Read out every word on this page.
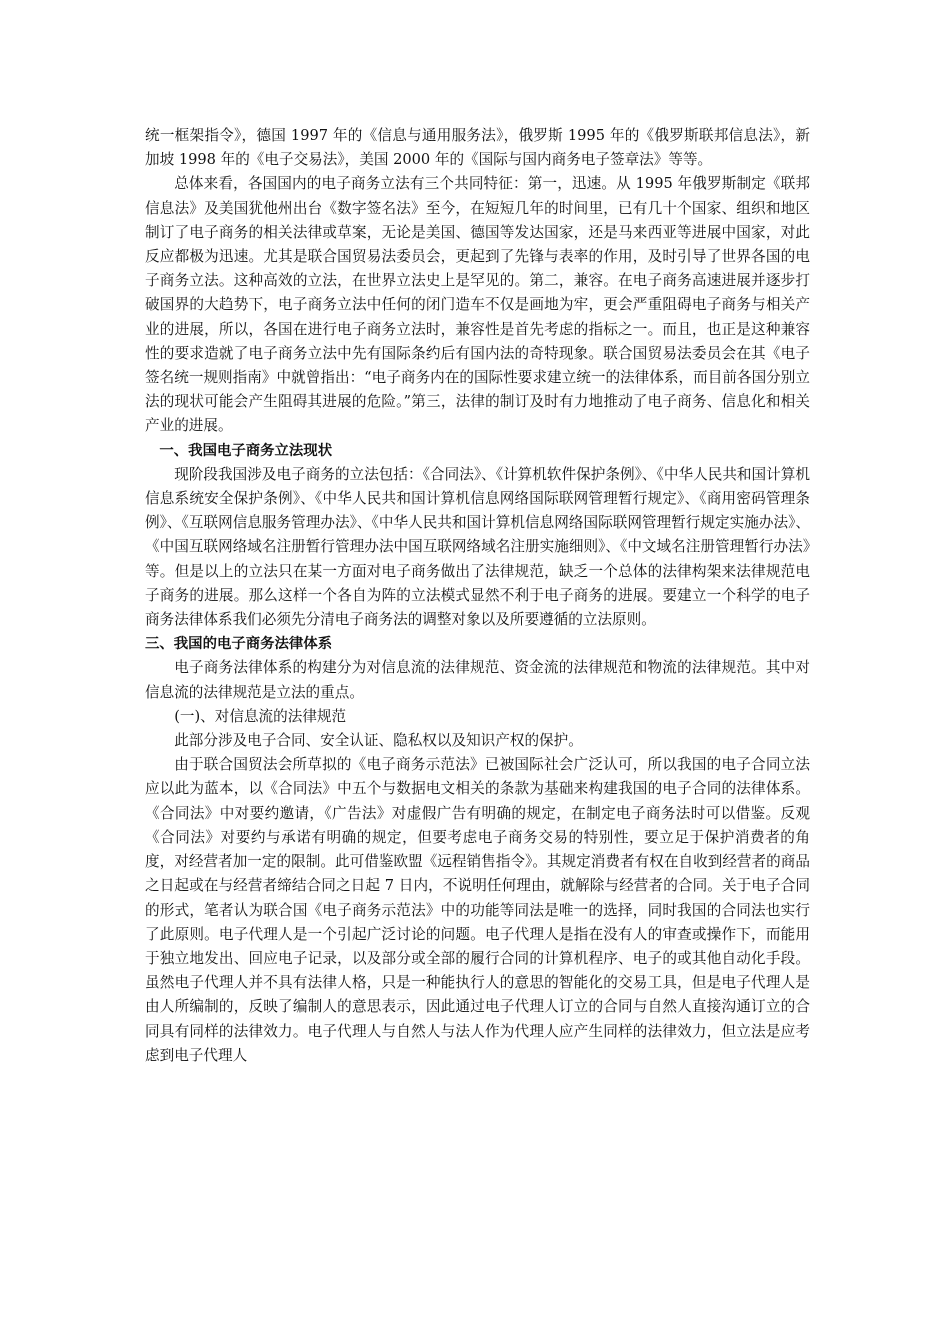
统一框架指令》，德国 1997 年的《信息与通用服务法》，俄罗斯 1995 年的《俄罗斯联邦信息法》，新加坡 1998 年的《电子交易法》，美国 2000 年的《国际与国内商务电子签章法》等等。

总体来看，各国国内的电子商务立法有三个共同特征：第一，迅速。从 1995 年俄罗斯制定《联邦信息法》及美国犹他州出台《数字签名法》至今，在短短几年的时间里，已有几十个国家、组织和地区制订了电子商务的相关法律或草案，无论是美国、德国等发达国家，还是马来西亚等进展中国家，对此反应都极为迅速。尤其是联合国贸易法委员会，更起到了先锋与表率的作用，及时引导了世界各国的电子商务立法。这种高效的立法，在世界立法史上是罕见的。第二，兼容。在电子商务高速进展并逐步打破国界的大趋势下，电子商务立法中任何的闭门造车不仅是画地为牢，更会严重阻碍电子商务与相关产业的进展，所以，各国在进行电子商务立法时，兼容性是首先考虑的指标之一。而且，也正是这种兼容性的要求造就了电子商务立法中先有国际条约后有国内法的奇特现象。联合国贸易法委员会在其《电子签名统一规则指南》中就曾指出：“电子商务内在的国际性要求建立统一的法律体系，而目前各国分别立法的现状可能会产生阻碍其进展的危险。”第三，法律的制订及时有力地推动了电子商务、信息化和相关产业的进展。

一、我国电子商务立法现状

现阶段我国涉及电子商务的立法包括：《合同法》、《计算机软件保护条例》、《中华人民共和国计算机信息系统安全保护条例》、《中华人民共和国计算机信息网络国际联网管理暂行规定》、《商用密码管理条例》、《互联网信息服务管理办法》、《中华人民共和国计算机信息网络国际联网管理暂行规定实施办法》、《中国互联网络域名注册暂行管理办法中国互联网络域名注册实施细则》、《中文域名注册管理暂行办法》等。但是以上的立法只在某一方面对电子商务做出了法律规范，缺乏一个总体的法律构架来法律规范电子商务的进展。那么这样一个各自为阵的立法模式显然不利于电子商务的进展。要建立一个科学的电子商务法律体系我们必须先分清电子商务法的调整对象以及所要遵循的立法原则。

三、我国的电子商务法律体系

电子商务法律体系的构建分为对信息流的法律规范、资金流的法律规范和物流的法律规范。其中对信息流的法律规范是立法的重点。

(一)、对信息流的法律规范

此部分涉及电子合同、安全认证、隐私权以及知识产权的保护。

由于联合国贸法会所草拟的《电子商务示范法》已被国际社会广泛认可，所以我国的电子合同立法应以此为蓝本，以《合同法》中五个与数据电文相关的条款为基础来构建我国的电子合同的法律体系。《合同法》中对要约邀请，《广告法》对虚假广告有明确的规定，在制定电子商务法时可以借鉴。反观《合同法》对要约与承诺有明确的规定，但要考虑电子商务交易的特别性，要立足于保护消费者的角度，对经营者加一定的限制。此可借鉴欧盟《远程销售指令》。其规定消费者有权在自收到经营者的商品之日起或在与经营者缔结合同之日起 7 日内，不说明任何理由，就解除与经营者的合同。关于电子合同的形式，笔者认为联合国《电子商务示范法》中的功能等同法是唯一的选择，同时我国的合同法也实行了此原则。电子代理人是一个引起广泛讨论的问题。电子代理人是指在没有人的审查或操作下，而能用于独立地发出、回应电子记录，以及部分或全部的履行合同的计算机程序、电子的或其他自动化手段。虽然电子代理人并不具有法律人格，只是一种能执行人的意思的智能化的交易工具，但是电子代理人是由人所编制的，反映了编制人的意思表示，因此通过电子代理人订立的合同与自然人直接沟通订立的合同具有同样的法律效力。电子代理人与自然人与法人作为代理人应产生同样的法律效力，但立法是应考虑到电子代理人
